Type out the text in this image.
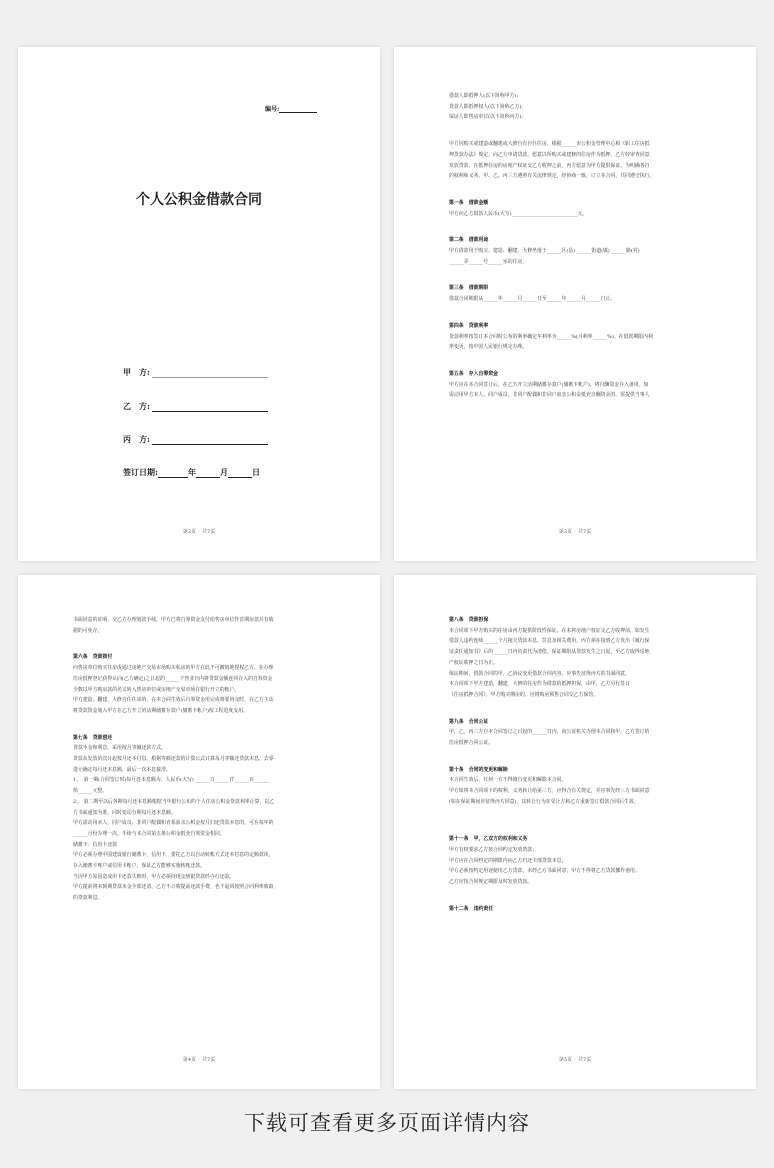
编号:
个人公积金借款合同
甲　方:
乙　方:
丙　方:
签订日期:	年	月	日
第2页 共7页

借款人即抵押人(以下简称甲方):

贷款人即抵押权人(以下简称乙方):

保证人即售房单位(以下简称丙方):

甲方因购买或建造或翻建或大修自有自住住房，根据______市公积金管理中心和《职工住房抵

押贷款办法》规定，向乙方申请贷款，愿意以所购买或建修的住房作为抵押，乙方经审查同意

发放贷款，在抵押住房的房地产权证交乙方收押之前，丙方愿意为甲方提供保证。为明确各自

的权利和义务，甲、乙、丙三方遵照有关法律规定，经协商一致，订立本合同，共同遵守执行。

第一条 借款金额

甲方向乙方借款人民币(大写)___________________________元。

第二条 借款用途

甲方借款用于购买、建造、翻建、大修坐落于______区(县) ______街道(镇) ______路(村)

______弄______号______室的住房。

第三条 借款期限

借款合同期限从______年______月______日至______年______月______日止。

第四条 贷款利率

贷款利率按签订本合同时公布的利率确定年利率为______%(月利率______%)。在借款期限内利

率变更，按中国人民银行规定办理。

第五条 存入自筹资金

甲方应在本合同签订后，在乙方开立活期储蓄存款户(储蓄卡帐户)，将自酬资金存入备用。如

需动用甲方本人，同户成员，非同户配偶和非同户血亲公积金抵充自酬资金的，需提供当事人

第3页 共7页

书面同意的证明，交乙方办理划款手续。甲方已将自筹资金支付给售房单位作首期房款并有收

据的可免存。

第六条 贷款拨付

向售房单位购买住房或通过房地产交易市场购买私房的甲方在此不可撤销地授权乙方，在办理

住房抵押登记获得认同(乙方确定)之日起的______个营业日内将贷款金额连同存入的自筹资金

全数以甲方购房款的名义转入售房单位或房地产交易市场在银行开立的帐户。

甲方建造、翻建、大修自住住房的，在本合同生效后自筹资金用完或将要用完时，在乙方主动

将贷款资金划入甲方在乙方开立的活期储蓄存款户(储蓄卡帐户)按工程进度支用。

第七条 贷款偿还

贷款本金和利息，采用按月等额还款方式。

贷款从发放的次月起按月还本付息。根据等额还款的计算公式计算每月等额还贷款本息，去零

进元确定每月还本息额，最后一次本息接清。

1、　第一期(合同签订时)每月还本息额为：人民币(大写) ______万______仟______百______

拾______元整。

2、　第二期至以后各期每月还本息额根据当年银行公布的个人住房公积金贷款利率计算，以乙

方书面通知为准，同时变动分期每月还本息额。

甲方需动用本人，同户成员、非同户配偶和直系血亲公积金按月归还贷款本息的，可在每年的

______月份办理一次，手续与本合同第五条公积金抵充自筹资金相同。

储蓄卡：信用卡还款

甲方必须办理中国建设银行储蓄卡，信用卡，委托乙方以自动转帐方式还本付息的定额款项，

存入储蓄卡账户或信用卡帐户，保证乙方能够实施转帐还款。

当因甲方原因造成用卡还款失败时，甲方必须持现金到银贷款经办行还款。

甲方提前将未到期贷款本金全部还清，乙方不计收提前还款手费，也不退回按照合同利率收取

的贷款利息。

第4页 共7页

第八条 贷款担保

本合同项下甲方购买的住房由丙方提供阶段性保证，在未将房地产权证交乙方收押前，如发生

借款人违约连续______个月拖欠贷款本息，罚息及相关费用，丙方须在接到乙方发出《履行保

证责任通知书》后的______日内负责代为清偿，保证期限从贷款发生之日起，至乙方取得房地

产权证收押之日为止。

保证期间，借款合同的甲，乙协议变更借款合同内容，应事先征得丙方的书面同意。

本合同项下甲方建造，翻建，大修的住房作为借款的抵押担保，由甲，乙方另行签订

《住房抵押合同》，甲方购买期房的，应将购房预售合同交乙方保管。

第九条 合同公证

甲，乙，丙三方自本合同签订之日起的______日内，向公证机关办理本合同和甲，乙方签订的

住房抵押合同公证。

第十条 合同的变更和解除

本合同生效后，任何一方不得擅自变更和解除本合同。

甲方如将本合同项下的权利，义务转让给第三方，应得合有关规定，并应事先经三方书面同意

(如在保证期间应征得丙方同意)，其转让行为在受让方和乙方重新签订借款合同后生效。

第十一条 甲，乙双方的权利和义务

甲方有权要求乙方按合同约定发放贷款；

甲方应在合同约定的期限内向乙方归还全部贷款本息；

甲方必须按约定用途使用乙方贷款，未经乙方书面同意，甲方不得将乙方贷款挪作他用。

乙方应按合同规定期限及时发放贷款。

第十二条 违约责任

第5页 共7页
下载可查看更多页面详情内容
